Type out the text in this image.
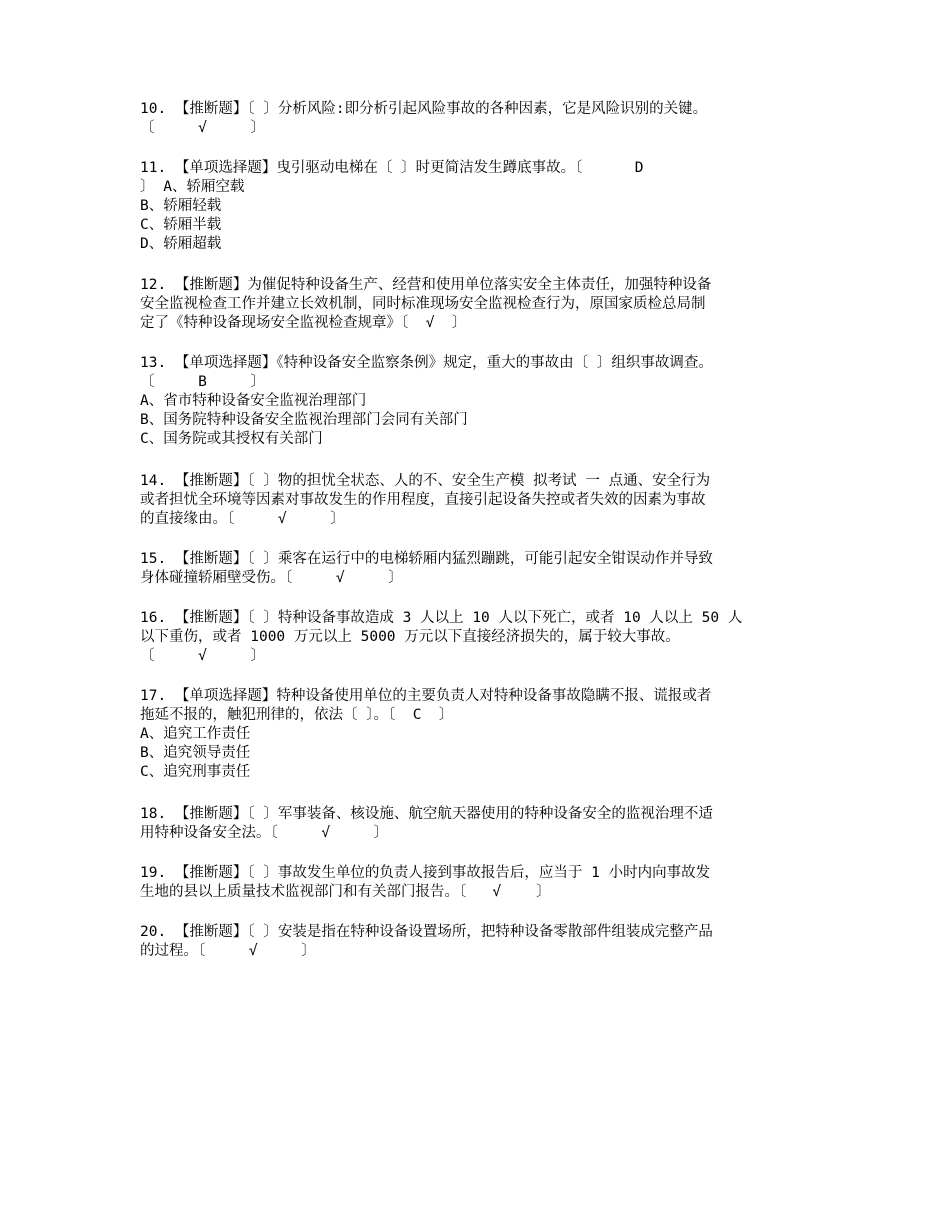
10. 【推断题】〔 〕分析风险:即分析引起风险事故的各种因素，它是风险识别的关键。
〔     √     〕
11. 【单项选择题】曳引驱动电梯在〔 〕时更简洁发生蹲底事故。〔      D
〕 A、轿厢空载
B、轿厢轻载
C、轿厢半载
D、轿厢超载
12. 【推断题】为催促特种设备生产、经营和使用单位落实安全主体责任，加强特种设备
安全监视检查工作并建立长效机制，同时标准现场安全监视检查行为，原国家质检总局制
定了《特种设备现场安全监视检查规章》〔  √  〕
13. 【单项选择题】《特种设备安全监察条例》规定，重大的事故由〔 〕组织事故调查。
〔     B     〕
A、省市特种设备安全监视治理部门
B、国务院特种设备安全监视治理部门会同有关部门
C、国务院或其授权有关部门
14. 【推断题】〔 〕物的担忧全状态、人的不、安全生产模 拟考试 一 点通、安全行为
或者担忧全环境等因素对事故发生的作用程度，直接引起设备失控或者失效的因素为事故
的直接缘由。〔     √     〕
15. 【推断题】〔 〕乘客在运行中的电梯轿厢内猛烈蹦跳，可能引起安全钳误动作并导致
身体碰撞轿厢壁受伤。〔     √     〕
16. 【推断题】〔 〕特种设备事故造成 3 人以上 10 人以下死亡，或者 10 人以上 50 人
以下重伤，或者 1000 万元以上 5000 万元以下直接经济损失的，属于较大事故。
〔     √     〕
17. 【单项选择题】特种设备使用单位的主要负责人对特种设备事故隐瞒不报、谎报或者
拖延不报的，触犯刑律的，依法〔 〕。〔  C  〕
A、追究工作责任
B、追究领导责任
C、追究刑事责任
18. 【推断题】〔 〕军事装备、核设施、航空航天器使用的特种设备安全的监视治理不适
用特种设备安全法。〔     √     〕
19. 【推断题】〔 〕事故发生单位的负责人接到事故报告后，应当于 1 小时内向事故发
生地的县以上质量技术监视部门和有关部门报告。〔   √    〕
20. 【推断题】〔 〕安装是指在特种设备设置场所，把特种设备零散部件组装成完整产品
的过程。〔     √     〕
